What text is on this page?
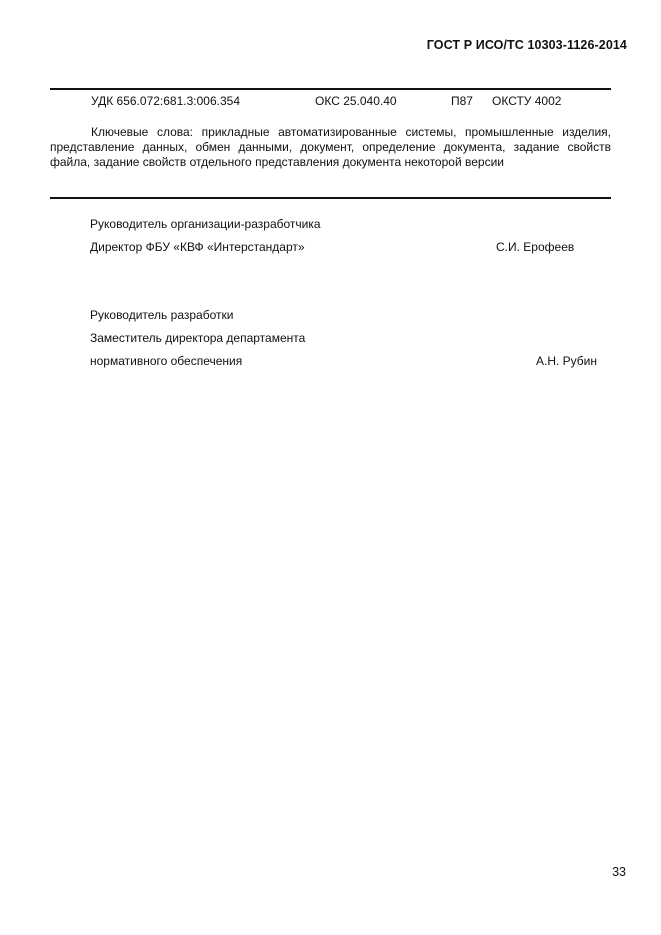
ГОСТ Р ИСО/ТС 10303-1126-2014
УДК 656.072:681.3:006.354	ОКС 25.040.40	П87 ОКСТУ 4002
Ключевые слова: прикладные автоматизированные системы, промышленные изделия, представление данных, обмен данными, документ, определение документа, задание свойств файла, задание свойств отдельного представления документа некоторой версии
Руководитель организации-разработчика
Директор ФБУ «КВФ «Интерстандарт»	С.И. Ерофеев
Руководитель разработки
Заместитель директора департамента
нормативного обеспечения	А.Н. Рубин
33
